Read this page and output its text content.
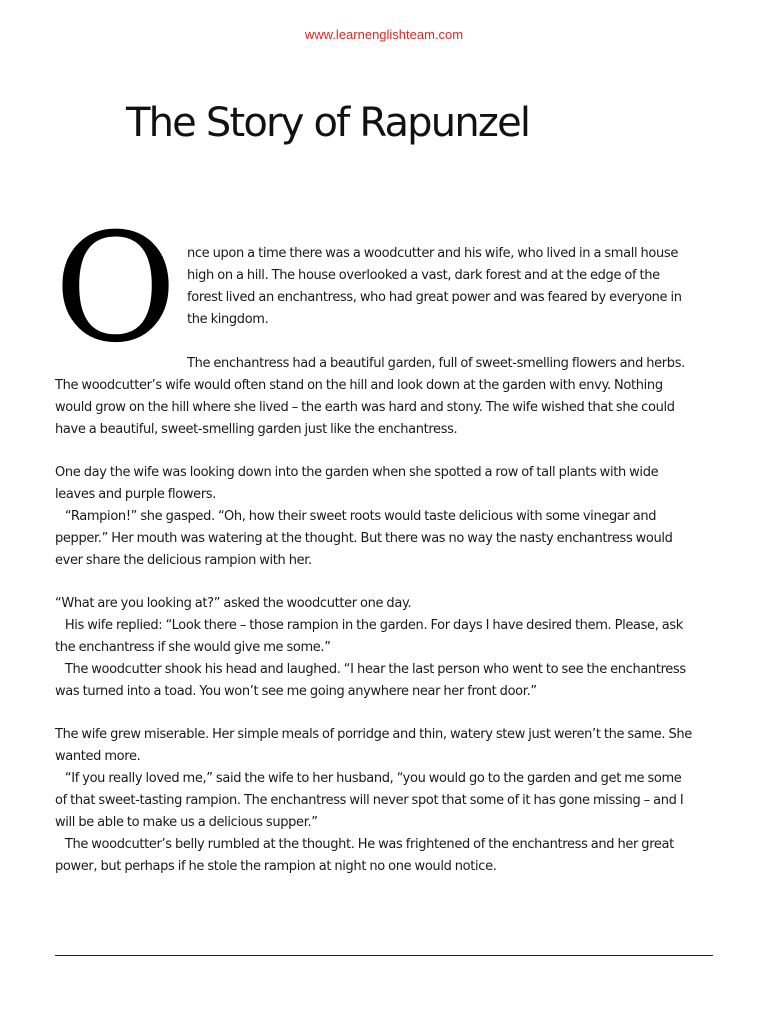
www.learnenglishteam.com
The Story of Rapunzel
O nce upon a time there was a woodcutter and his wife, who lived in a small house
high on a hill. The house overlooked a vast, dark forest and at the edge of the
forest lived an enchantress, who had great power and was feared by everyone in
the kingdom.
The enchantress had a beautiful garden, full of sweet-smelling flowers and herbs.
The woodcutter’s wife would often stand on the hill and look down at the garden with envy. Nothing
would grow on the hill where she lived – the earth was hard and stony. The wife wished that she could
have a beautiful, sweet-smelling garden just like the enchantress.
One day the wife was looking down into the garden when she spotted a row of tall plants with wide
leaves and purple flowers.
“Rampion!” she gasped. “Oh, how their sweet roots would taste delicious with some vinegar and
pepper.” Her mouth was watering at the thought. But there was no way the nasty enchantress would
ever share the delicious rampion with her.
“What are you looking at?” asked the woodcutter one day.
His wife replied: “Look there – those rampion in the garden. For days I have desired them. Please, ask
the enchantress if she would give me some.”
The woodcutter shook his head and laughed. “I hear the last person who went to see the enchantress
was turned into a toad. You won’t see me going anywhere near her front door.”
The wife grew miserable. Her simple meals of porridge and thin, watery stew just weren’t the same. She
wanted more.
“If you really loved me,” said the wife to her husband, “you would go to the garden and get me some
of that sweet-tasting rampion. The enchantress will never spot that some of it has gone missing – and I
will be able to make us a delicious supper.”
The woodcutter’s belly rumbled at the thought. He was frightened of the enchantress and her great
power, but perhaps if he stole the rampion at night no one would notice.
